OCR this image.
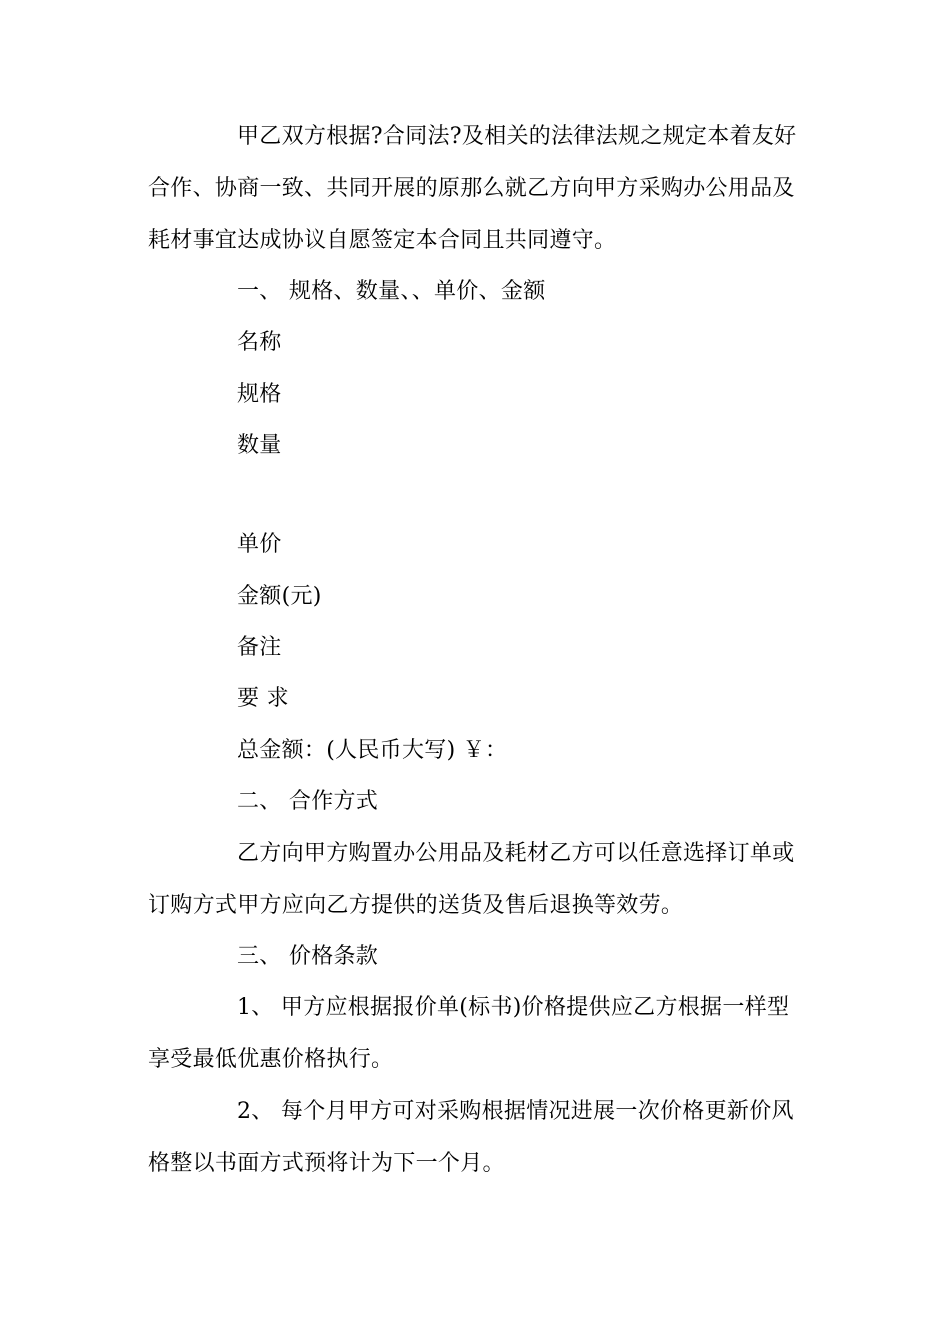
甲乙双方根据?合同法?及相关的法律法规之规定本着友好
合作、协商一致、共同开展的原那么就乙方向甲方采购办公用品及
耗材事宜达成协议自愿签定本合同且共同遵守。
一、 规格、数量、、单价、金额
名称
规格
数量
单价
金额(元)
备注
要 求
总金额：(人民币大写) ￥：
二、 合作方式
乙方向甲方购置办公用品及耗材乙方可以任意选择订单或
订购方式甲方应向乙方提供的送货及售后退换等效劳。
三、 价格条款
1、 甲方应根据报价单(标书)价格提供应乙方根据一样型
享受最低优惠价格执行。
2、 每个月甲方可对采购根据情况进展一次价格更新价风
格整以书面方式预将计为下一个月。
